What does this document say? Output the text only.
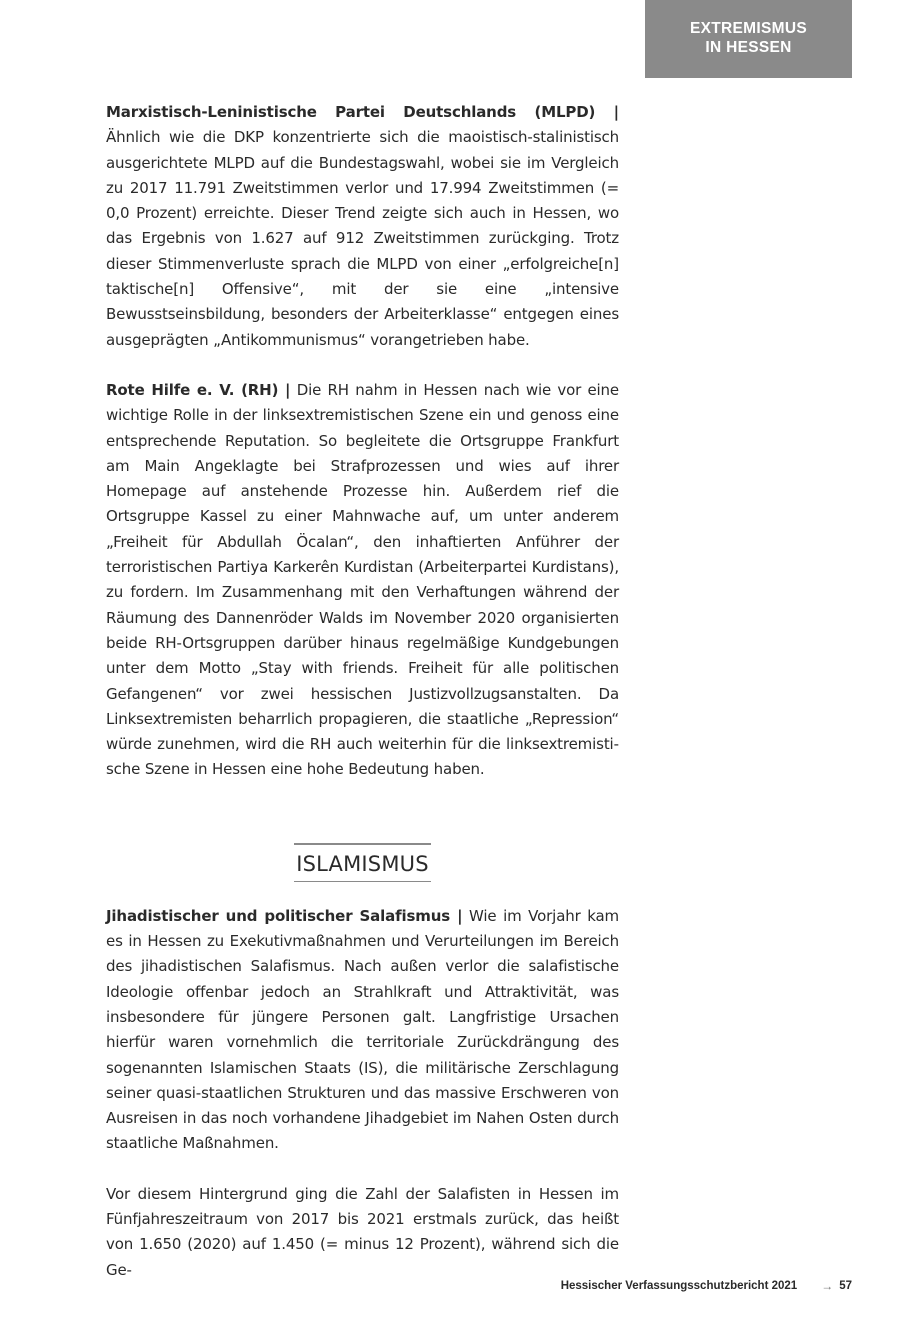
EXTREMISMUS
IN HESSEN

Marxistisch-Leninistische Partei Deutschlands (MLPD) | Ähnlich wie die DKP konzentrierte sich die maoistisch-stalinistisch ausgerichtete MLPD auf die Bundestagswahl, wobei sie im Vergleich zu 2017 11.791 Zweitstimmen verlor und 17.994 Zweitstimmen (= 0,0 Prozent) erreichte. Dieser Trend zeigte sich auch in Hessen, wo das Ergebnis von 1.627 auf 912 Zweitstimmen zurückging. Trotz dieser Stimmenverluste sprach die MLPD von einer „erfolgreiche[n] taktische[n] Offensive“, mit der sie eine „intensive Bewusstseinsbildung, besonders der Arbeiterklasse“ entgegen eines ausgeprägten „Antikommunismus“ vorangetrieben habe.

Rote Hilfe e. V. (RH) | Die RH nahm in Hessen nach wie vor eine wichtige Rolle in der linksextremistischen Szene ein und genoss eine entsprechende Reputation. So begleitete die Ortsgruppe Frankfurt am Main Angeklagte bei Strafprozessen und wies auf ihrer Homepage auf anstehende Prozesse hin. Außerdem rief die Ortsgruppe Kassel zu einer Mahnwache auf, um unter anderem „Freiheit für Abdullah Öcalan“, den inhaftierten Anführer der terroristischen Partiya Karkerên Kurdistan (Arbeiterpartei Kurdistans), zu fordern. Im Zusammenhang mit den Verhaftungen während der Räumung des Dannenröder Walds im November 2020 organisierten beide RH-Ortsgruppen darüber hinaus regelmäßige Kundgebungen unter dem Motto „Stay with friends. Freiheit für alle politischen Gefangenen“ vor zwei hessischen Justizvollzugsanstalten. Da Linksextremisten beharrlich propagieren, die staatliche „Repression“ würde zunehmen, wird die RH auch weiterhin für die linksextremistische Szene in Hessen eine hohe Bedeutung haben.

ISLAMISMUS

Jihadistischer und politischer Salafismus | Wie im Vorjahr kam es in Hessen zu Exekutivmaßnahmen und Verurteilungen im Bereich des jihadistischen Salafismus. Nach außen verlor die salafistische Ideologie offenbar jedoch an Strahlkraft und Attraktivität, was insbesondere für jüngere Personen galt. Langfristige Ursachen hierfür waren vornehmlich die territoriale Zurückdrängung des sogenannten Islamischen Staats (IS), die militärische Zerschlagung seiner quasi-staatlichen Strukturen und das massive Erschweren von Ausreisen in das noch vorhandene Jihadgebiet im Nahen Osten durch staatliche Maßnahmen.

Vor diesem Hintergrund ging die Zahl der Salafisten in Hessen im Fünfjahreszeitraum von 2017 bis 2021 erstmals zurück, das heißt von 1.650 (2020) auf 1.450 (= minus 12 Prozent), während sich die Ge-

Hessischer Verfassungsschutzbericht 2021 → 57
